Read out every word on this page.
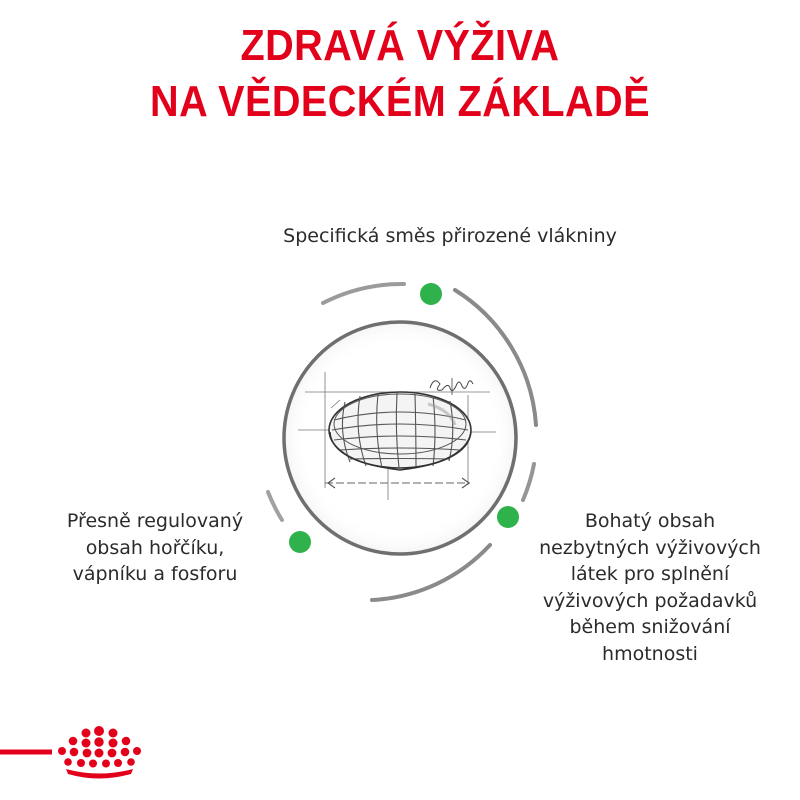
ZDRAVÁ VÝŽIVA
NA VĚDECKÉM ZÁKLADĚ
Specifická směs přirozené vlákniny
Přesně regulovaný
obsah hořčíku,
vápníku a fosforu
Bohatý obsah
nezbytných výživových
látek pro splnění
výživových požadavků
během snižování
hmotnosti
